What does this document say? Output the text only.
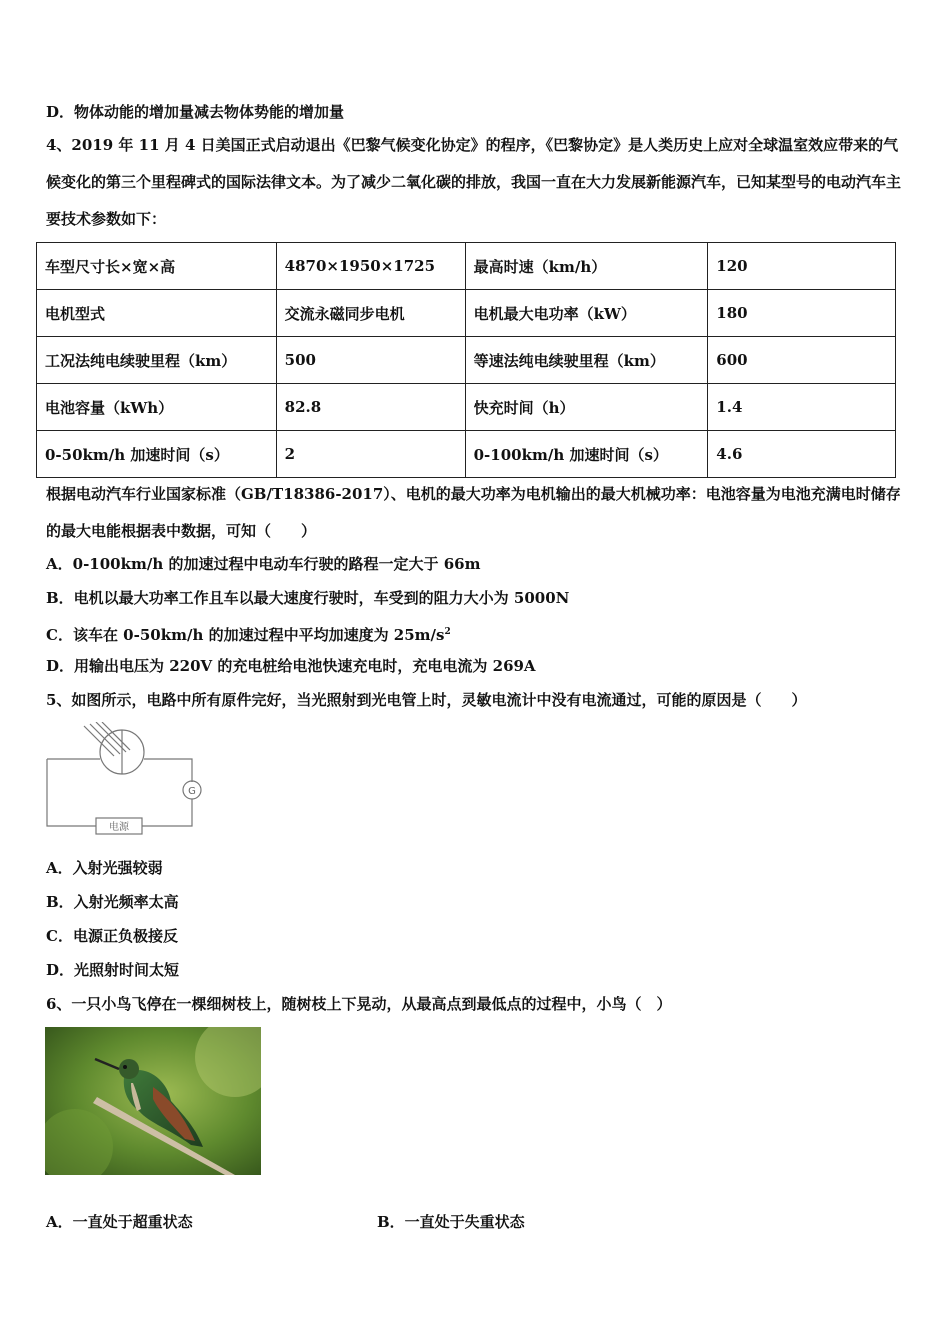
D．物体动能的增加量减去物体势能的增加量
4、2019 年 11 月 4 日美国正式启动退出《巴黎气候变化协定》的程序，《巴黎协定》是人类历史上应对全球温室效应带来的气候变化的第三个里程碑式的国际法律文本。为了减少二氧化碳的排放，我国一直在大力发展新能源汽车，已知某型号的电动汽车主要技术参数如下：
车型尺寸长×宽×高	4870×1950×1725	最高时速（km/h）	120
电机型式	交流永磁同步电机	电机最大电功率（kW）	180
工况法纯电续驶里程（km）	500	等速法纯电续驶里程（km）	600
电池容量（kWh）	82.8	快充时间（h）	1.4
0-50km/h 加速时间（s）	2	0-100km/h 加速时间（s）	4.6
根据电动汽车行业国家标准（GB/T18386-2017）、电机的最大功率为电机输出的最大机械功率：电池容量为电池充满电时储存的最大电能根据表中数据，可知（　　）
A．0-100km/h 的加速过程中电动车行驶的路程一定大于 66m
B．电机以最大功率工作且车以最大速度行驶时，车受到的阻力大小为 5000N
C．该车在 0-50km/h 的加速过程中平均加速度为 $25m/s^2$
D．用输出电压为 220V 的充电桩给电池快速充电时，充电电流为 269A
5、如图所示，电路中所有原件完好，当光照射到光电管上时，灵敏电流计中没有电流通过，可能的原因是（　　）
G
电源
A．入射光强较弱
B．入射光频率太高
C．电源正负极接反
D．光照射时间太短
6、一只小鸟飞停在一棵细树枝上，随树枝上下晃动，从最高点到最低点的过程中，小鸟（　）
A．一直处于超重状态	B．一直处于失重状态
